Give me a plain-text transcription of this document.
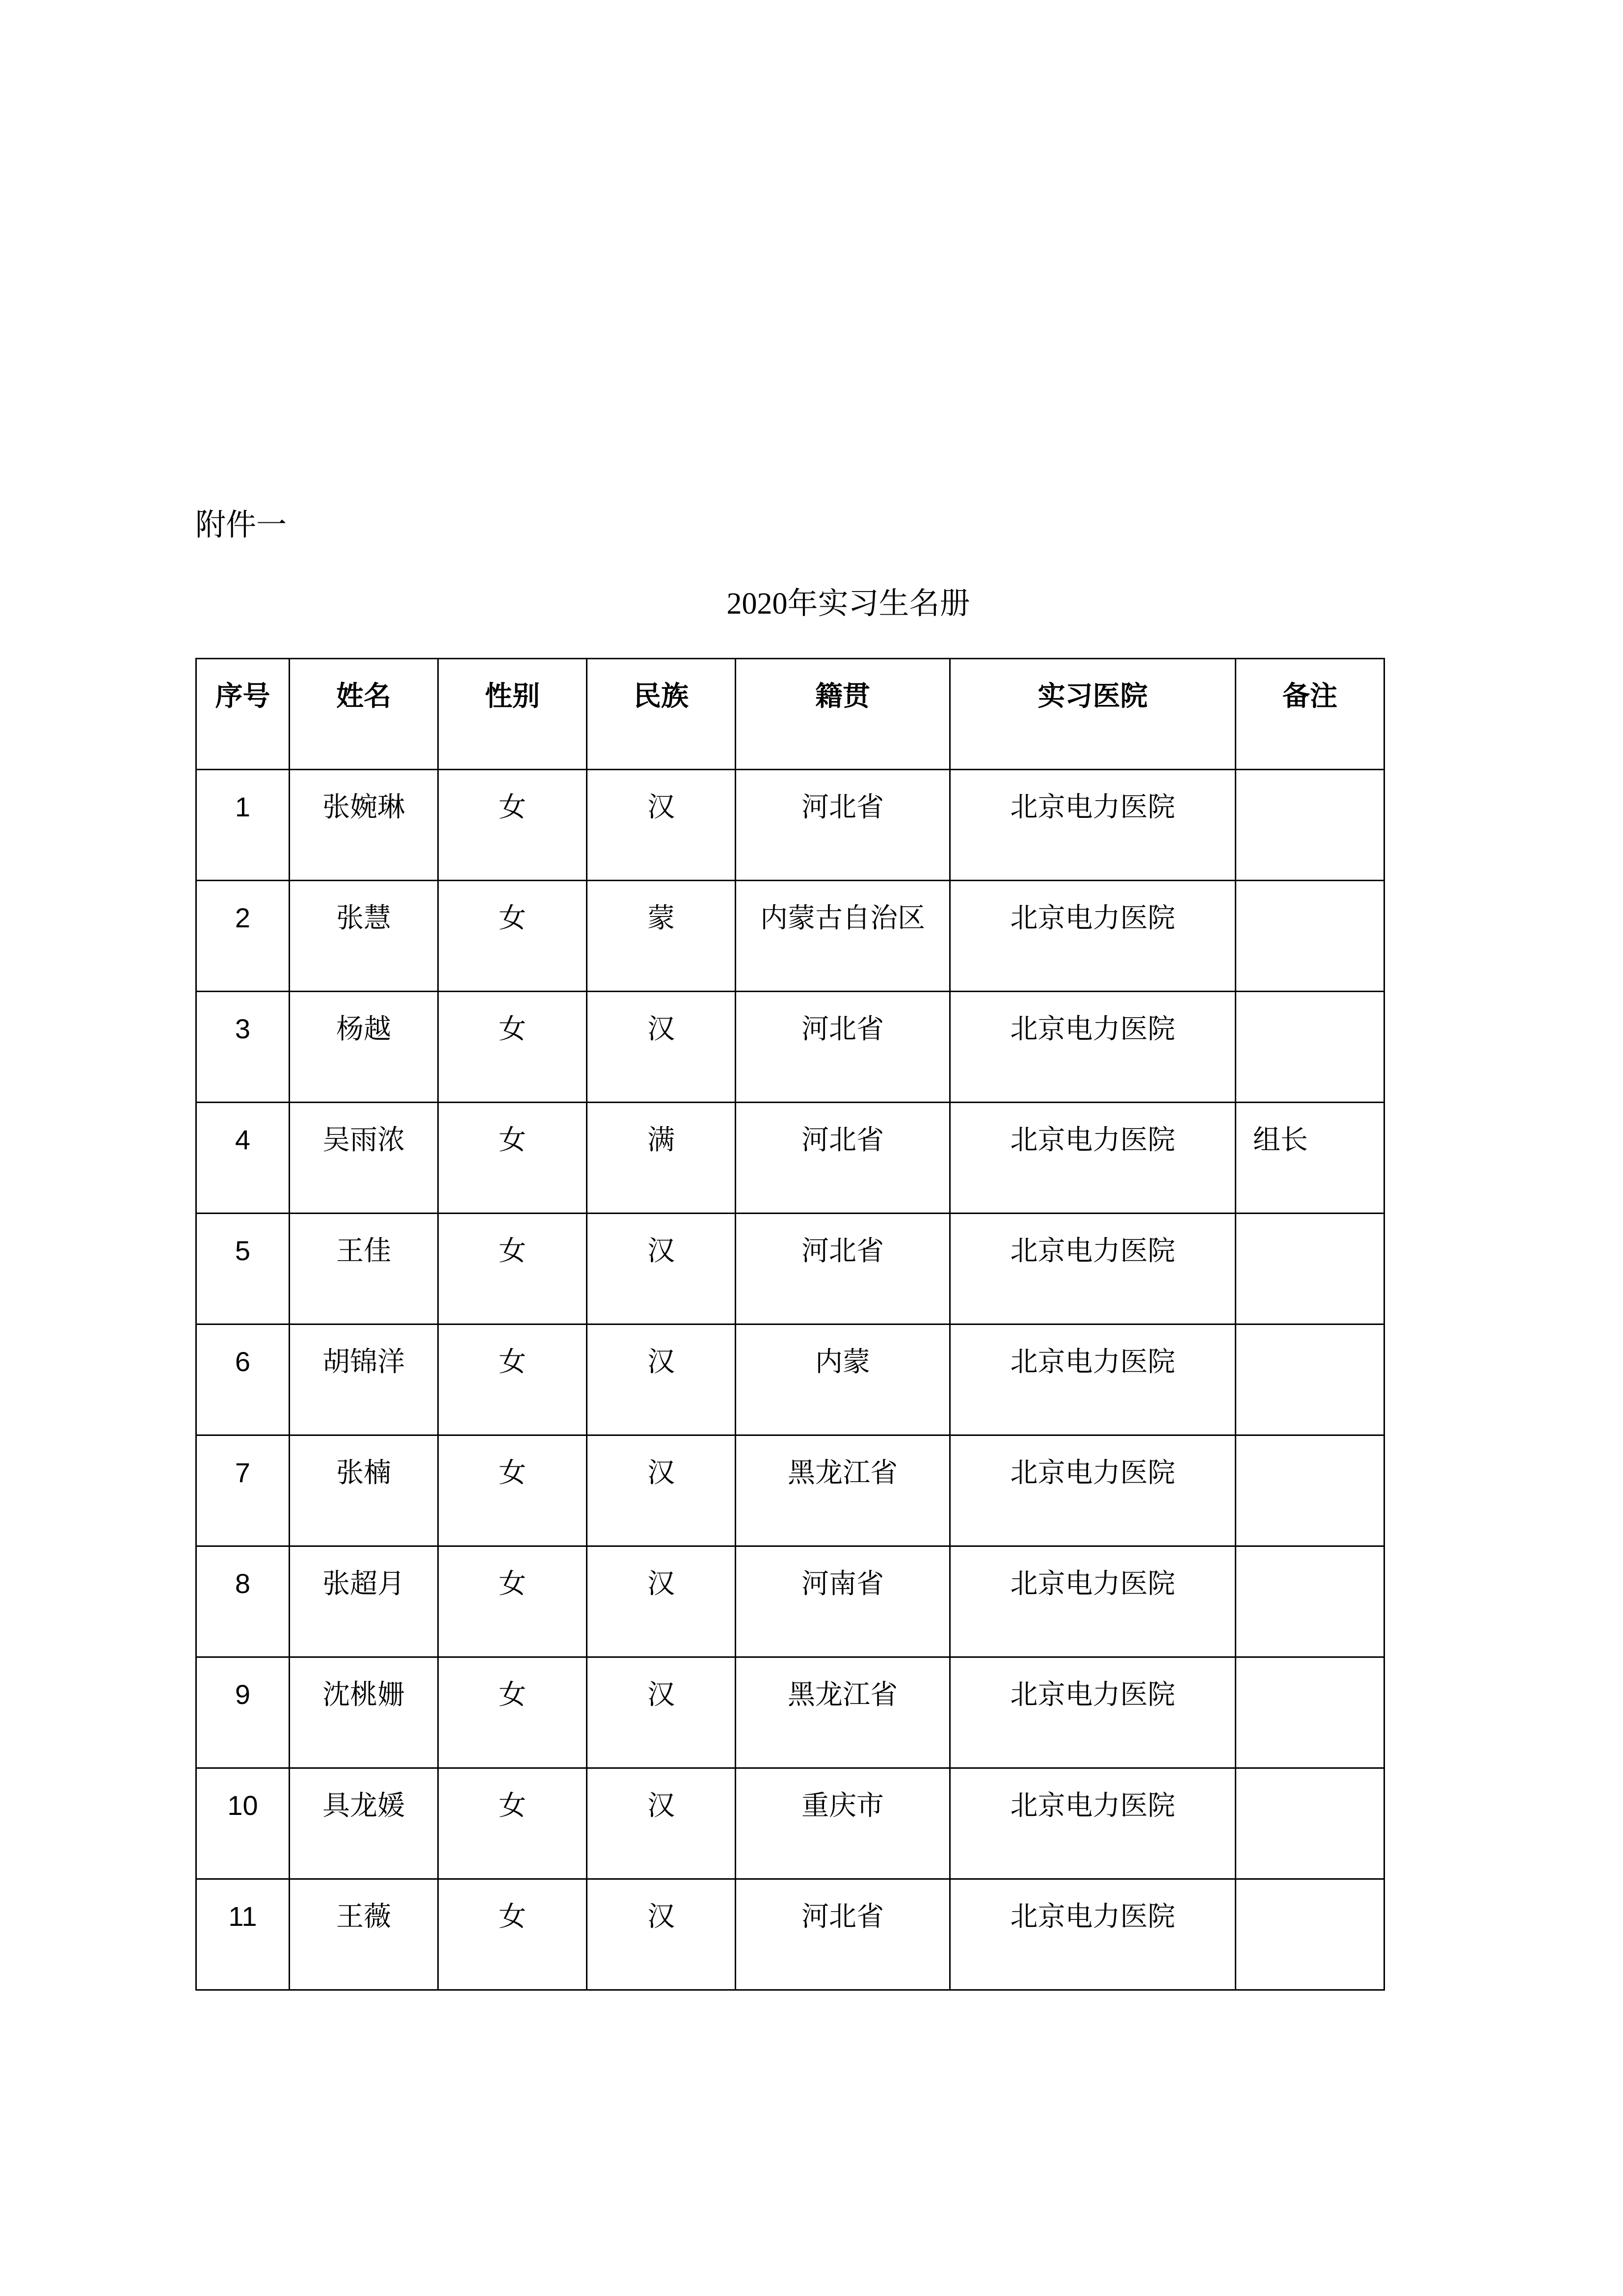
附件一
2020年实习生名册
序号	姓名	性别	民族	籍贯	实习医院	备注
1	张婉琳	女	汉	河北省	北京电力医院	
2	张慧	女	蒙	内蒙古自治区	北京电力医院	
3	杨越	女	汉	河北省	北京电力医院	
4	吴雨浓	女	满	河北省	北京电力医院	组长
5	王佳	女	汉	河北省	北京电力医院	
6	胡锦洋	女	汉	内蒙	北京电力医院	
7	张楠	女	汉	黑龙江省	北京电力医院	
8	张超月	女	汉	河南省	北京电力医院	
9	沈桃姗	女	汉	黑龙江省	北京电力医院	
10	具龙媛	女	汉	重庆市	北京电力医院	
11	王薇	女	汉	河北省	北京电力医院	
